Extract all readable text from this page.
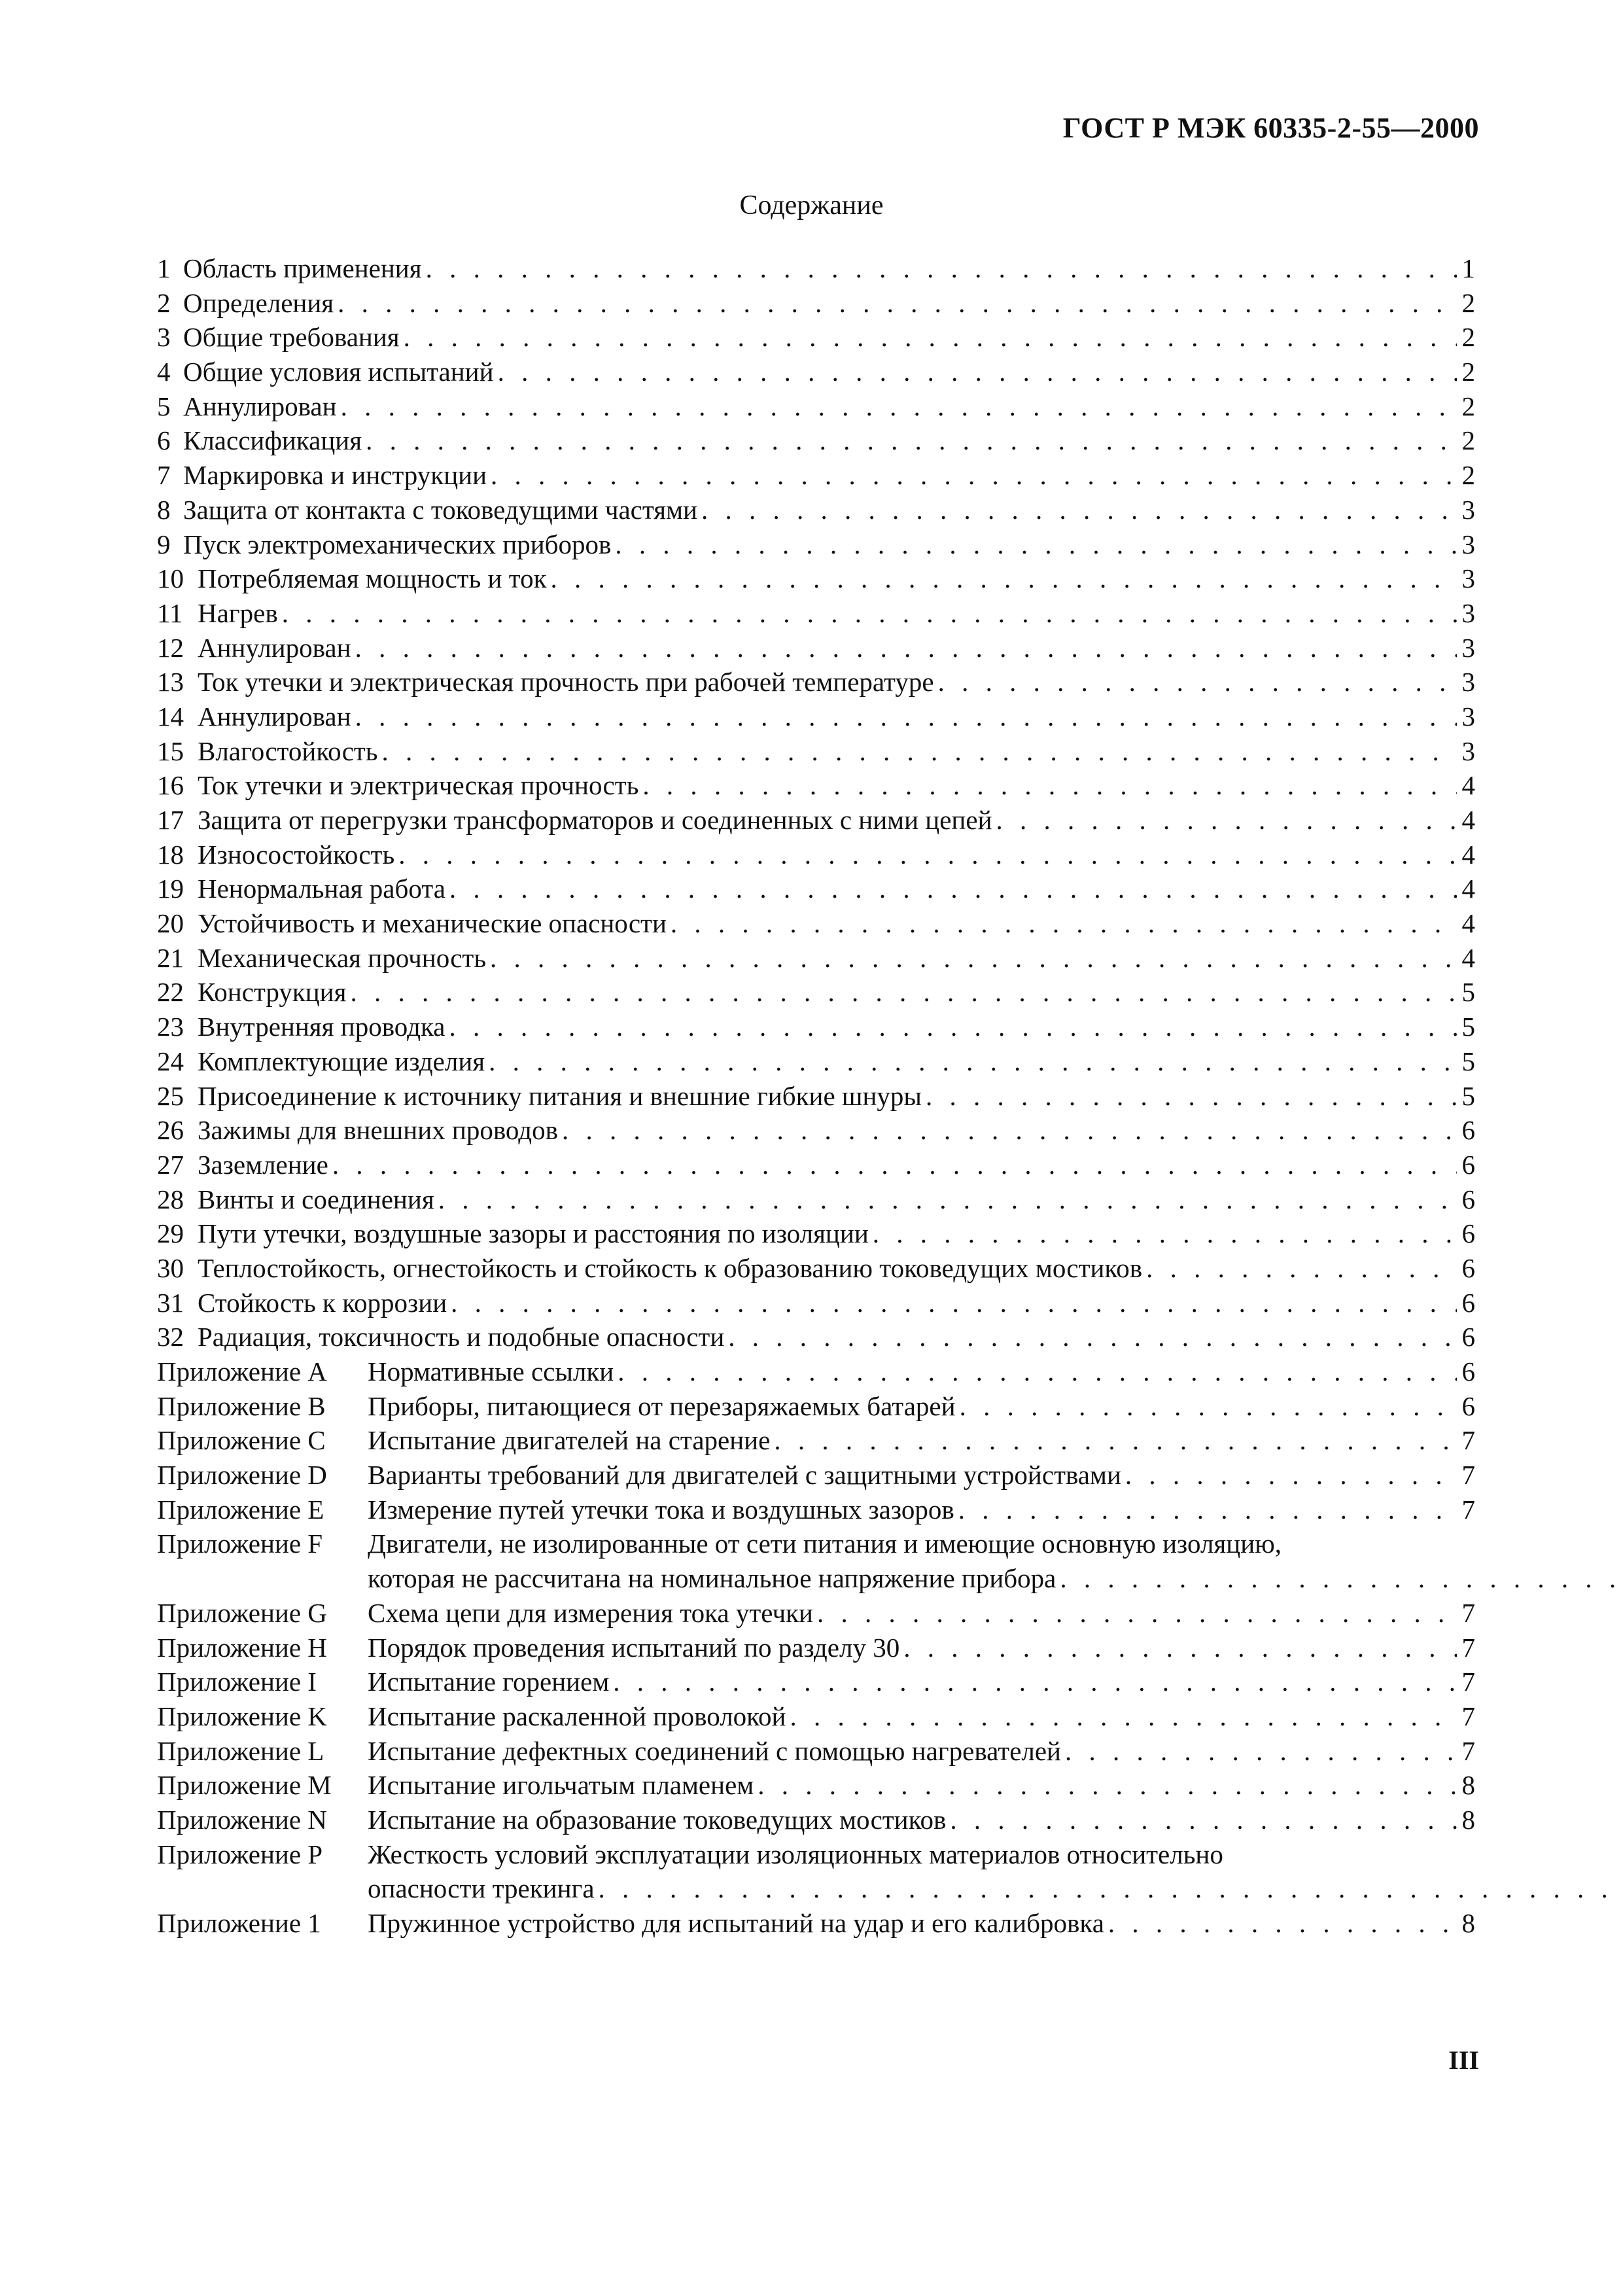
ГОСТ Р МЭК 60335-2-55—2000
Содержание
1 Область применения . . .	1
2 Определения . . .	2
3 Общие требования . . .	2
4 Общие условия испытаний . . .	2
5 Аннулирован . . .	2
6 Классификация . . .	2
7 Маркировка и инструкции . . .	2
8 Защита от контакта с токоведущими частями . . .	3
9 Пуск электромеханических приборов . . .	3
10 Потребляемая мощность и ток . . .	3
11 Нагрев . . .	3
12 Аннулирован . . .	3
13 Ток утечки и электрическая прочность при рабочей температуре . . .	3
14 Аннулирован . . .	3
15 Влагостойкость . . .	3
16 Ток утечки и электрическая прочность . . .	4
17 Защита от перегрузки трансформаторов и соединенных с ними цепей . . .	4
18 Износостойкость . . .	4
19 Ненормальная работа . . .	4
20 Устойчивость и механические опасности . . .	4
21 Механическая прочность . . .	4
22 Конструкция . . .	5
23 Внутренняя проводка . . .	5
24 Комплектующие изделия . . .	5
25 Присоединение к источнику питания и внешние гибкие шнуры . . .	5
26 Зажимы для внешних проводов . . .	6
27 Заземление . . .	6
28 Винты и соединения . . .	6
29 Пути утечки, воздушные зазоры и расстояния по изоляции . . .	6
30 Теплостойкость, огнестойкость и стойкость к образованию токоведущих мостиков . . .	6
31 Стойкость к коррозии . . .	6
32 Радиация, токсичность и подобные опасности . . .	6
Приложение А	Нормативные ссылки . . .	6
Приложение B	Приборы, питающиеся от перезаряжаемых батарей . . .	6
Приложение C	Испытание двигателей на старение . . .	7
Приложение D	Варианты требований для двигателей с защитными устройствами . . .	7
Приложение E	Измерение путей утечки тока и воздушных зазоров . . .	7
Приложение F	Двигатели, не изолированные от сети питания и имеющие основную изоляцию,
которая не рассчитана на номинальное напряжение прибора
. . .
Приложение G	Схема цепи для измерения тока утечки . . .	7
Приложение H	Порядок проведения испытаний по разделу 30 . . .	7
Приложение I	Испытание горением . . .	7
Приложение K	Испытание раскаленной проволокой . . .	7
Приложение L	Испытание дефектных соединений с помощью нагревателей . . .	7
Приложение M	Испытание игольчатым пламенем . . .	8
Приложение N	Испытание на образование токоведущих мостиков . . .	8
Приложение P	Жесткость условий эксплуатации изоляционных материалов относительно
опасности трекинга
. . .
Приложение 1	Пружинное устройство для испытаний на удар и его калибровка . . .	8
III
